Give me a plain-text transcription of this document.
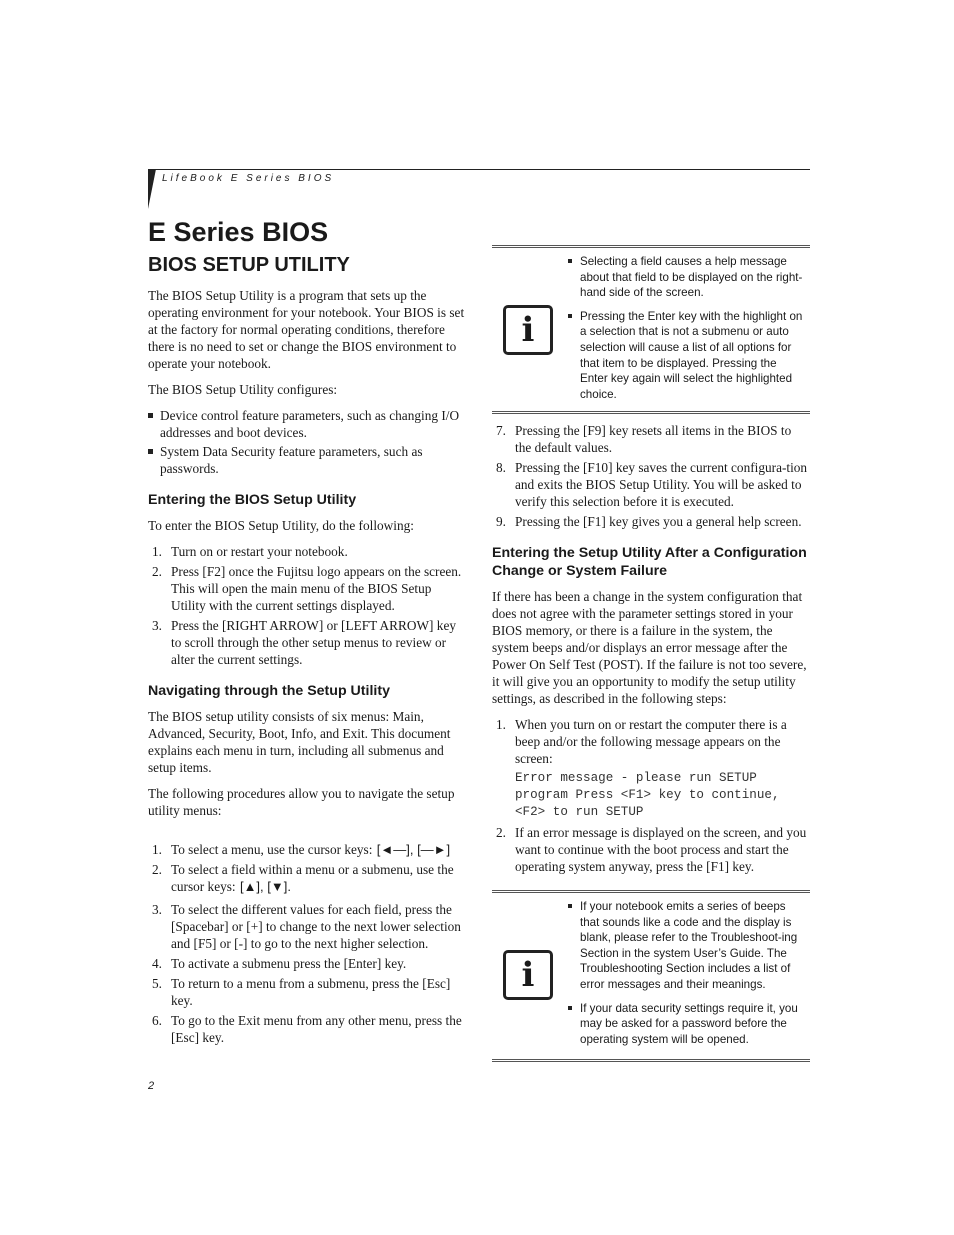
LifeBook E Series BIOS
E Series BIOS
BIOS SETUP UTILITY

The BIOS Setup Utility is a program that sets up the operating environment for your notebook. Your BIOS is set at the factory for normal operating conditions, therefore there is no need to set or change the BIOS environment to operate your notebook.

The BIOS Setup Utility configures:

Device control feature parameters, such as changing I/O addresses and boot devices.
System Data Security feature parameters, such as passwords.
Entering the BIOS Setup Utility

To enter the BIOS Setup Utility, do the following:

1. Turn on or restart your notebook.
2. Press [F2] once the Fujitsu logo appears on the screen. This will open the main menu of the BIOS Setup Utility with the current settings displayed.
3. Press the [RIGHT ARROW] or [LEFT ARROW] key to scroll through the other setup menus to review or alter the current settings.
Navigating through the Setup Utility

The BIOS setup utility consists of six menus: Main, Advanced, Security, Boot, Info, and Exit. This document explains each menu in turn, including all submenus and setup items.

The following procedures allow you to navigate the setup utility menus:

1. To select a menu, use the cursor keys: [◄—], [—►]
2. To select a field within a menu or a submenu, use the cursor keys: [▲], [▼].
3. To select the different values for each field, press the [Spacebar] or [+] to change to the next lower selection and [F5] or [-] to go to the next higher selection.
4. To activate a submenu press the [Enter] key.
5. To return to a menu from a submenu, press the [Esc] key.
6. To go to the Exit menu from any other menu, press the [Esc] key.
i
Selecting a field causes a help message about that field to be displayed on the right-hand side of the screen.
Pressing the Enter key with the highlight on a selection that is not a submenu or auto selection will cause a list of all options for that item to be displayed. Pressing the Enter key again will select the highlighted choice.
7. Pressing the [F9] key resets all items in the BIOS to the default values.
8. Pressing the [F10] key saves the current configura-tion and exits the BIOS Setup Utility. You will be asked to verify this selection before it is executed.
9. Pressing the [F1] key gives you a general help screen.
Entering the Setup Utility After a Configuration Change or System Failure

If there has been a change in the system configuration that does not agree with the parameter settings stored in your BIOS memory, or there is a failure in the system, the system beeps and/or displays an error message after the Power On Self Test (POST). If the failure is not too severe, it will give you an opportunity to modify the setup utility settings, as described in the following steps:

1. When you turn on or restart the computer there is a beep and/or the following message appears on the screen:
Error message - please run SETUP
program Press <F1> key to continue,
<F2> to run SETUP
2. If an error message is displayed on the screen, and you want to continue with the boot process and start the operating system anyway, press the [F1] key.
i
If your notebook emits a series of beeps that sounds like a code and the display is blank, please refer to the Troubleshoot-ing Section in the system User’s Guide. The Troubleshooting Section includes a list of error messages and their meanings.
If your data security settings require it, you may be asked for a password before the operating system will be opened.
2
